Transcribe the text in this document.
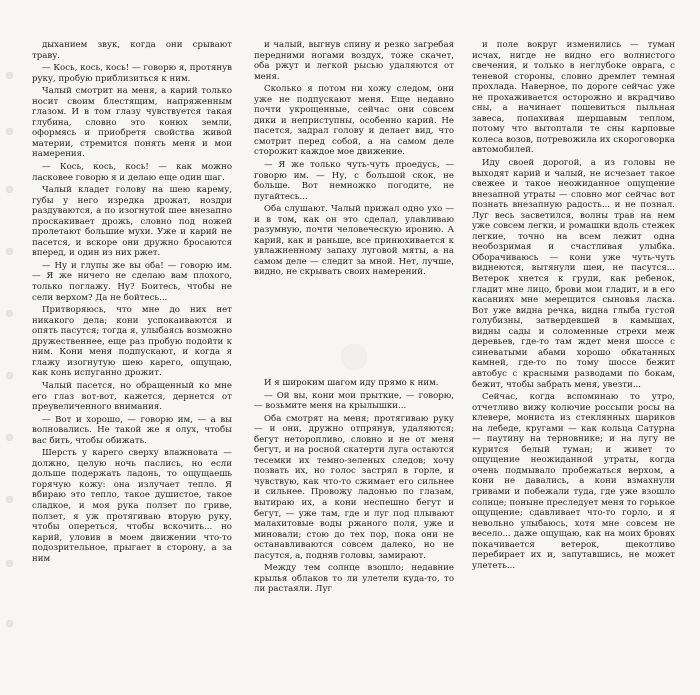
дыханием звук, когда они срывают траву.

— Кось, кось, кось! — говорю я, протянув руку, пробую приблизиться к ним.

Чалый смотрит на меня, а карий только носит своим блестящим, напряженным глазом. И в том глазу чувствуется такая глубина, словно это конюх земли, оформясь и приобретя свойства живой материи, стремится понять меня и мои намерения.

— Кось, кось, кось! — как можно ласковее говорю я и делаю еще один шаг.

Чалый кладет голову на шею карему, губы у него изредка дрожат, ноздри раздуваются, а по изогнутой шее внезапно проскакивает дрожь, словно под ножей пролетают большие мухи. Уже и карий не пасется, и вскоре они дружно бросаются вперед, и один из них ржет.

— Ну и глупы же вы оба! — говорю им. — Я же ничего не сделаю вам плохого, только поглажу. Ну? Боитесь, чтобы не сели верхом? Да не бойтесь...

Притворяюсь, что мне до них нет никакого дела; кони успокаиваются и опять пасутся; тогда я, улыбаясь возможно дружественнее, еще раз пробую подойти к ним. Кони меня подпускают, и когда я глажу изогнутую шею карего, ощущаю, как конь испуганно дрожит.

Чалый пасется, но обращенный ко мне его глаз вот-вот, кажется, дернется от преувеличенного внимания.

— Вот и хорошо, — говорю им, — а вы волновались. Не такой же я олух, чтобы вас бить, чтобы обижать.

Шерсть у карего сверху влажновата — должно, целую ночь паслись, но если дольше подержать ладонь, то ощущаешь горячую кожу: она излучает тепло. Я вбираю это тепло, такое душистое, такое сладкое, и моя рука ползет по гриве, ползет, я уж протягиваю вторую руку, чтобы опереться, чтобы вскочить... но карий, уловив в моем движении что-то подозрительное, прыгает в сторону, а за ним

и чалый, выгнув спину и резко загребая передними ногами воздух, тоже скачет, оба ржут и легкой рысью удаляются от меня.

Сколько я потом ни хожу следом, они уже не подпускают меня. Еще недавно почти укрощенные, сейчас они совсем дики и неприступны, особенно карий. Не пасется, задрал голову и делает вид, что смотрит перед собой, а на самом деле сторожит каждое мое движение.

— Я же только чуть-чуть проедусь, — говорю им. — Ну, с большой скок, не больше. Вот немножко погодите, не пугайтесь...

Оба слушают. Чалый прижал одно ухо — и в том, как он это сделал, улавливаю разумную, почти человеческую иронию. А карий, как и раньше, все принюхивается к увлажненному запаху луговой мяты, а на самом деле — следит за мной. Нет, лучше, видно, не скрывать своих намерений.

И я широким шагом иду прямо к ним.

— Ой вы, кони мои прыткие, — говорю, — возьмите меня на крылышки...

Оба смотрят на меня; протягиваю руку — и они, дружно отпрянув, удаляются; бегут неторопливо, словно и не от меня бегут, и на росной скатерти луга остаются тесемки их темно-зеленых следов; хочу позвать их, но голос застрял в горле, и чувствую, как что-то сжимает его сильнее и сильнее. Провожу ладонью по глазам, вытираю их, а кони неспешно бегут и бегут, — уже там, где и луг под плывают малахитовые воды ржаного поля, уже и миновали; стою до тех пор, пока они не останавливаются совсем далеко, но не пасутся, а, подняв головы, замирают.

Между тем солнце взошло; недавние крылья облаков то ли улетели куда-то, то ли растаяли. Луг

и поле вокруг изменились — туман исчах, нигде не видно его волнистого свечения, и только в неглубоке оврага, с теневой стороны, словно дремлет темная прохлада. Наверное, по дороге сейчас уже не прохаживается осторожно и вкрадчиво сны, а начинает пошевиться пыльная завеса, попахивая шершавым теплом, потому что вытоптали те сны карповые колеса возов, потревожила их скороговорка автомобилей.

Иду своей дорогой, а из головы не выходят карий и чалый, не исчезает такое свежее и такое неожиданное ощущение внезапной утраты — словно мог сейчас вот познать внезапную радость... и не познал. Луг весь засветился, волны трав на нем уже совсем легки, и ромашки вдоль стежек легкие, точно на всем лежит одна необозримая и счастливая улыбка. Оборачиваюсь — кони уже чуть-чуть виднеются, вытянули шеи, не пасутся... Ветерок хнется к груди, как ребенок, гладит мне лицо, брови мои гладит, и в его касаниях мне мерещится сыновья ласка. Вот уже видна речка, видна глыба густой голубизны, затвердевшей в камышах, видны сады и соломенные стрехи меж деревьев, где-то там ждет меня шоссе с синеватыми абами хорошо обкатанных камней, где-то по тому шоссе бежит автобус с красными разводами по бокам, бежит, чтобы забрать меня, увезти...

Сейчас, когда вспоминаю то утро, отчетливо вижу колючие россыпи росы на клевере, мониста из стеклянных шариков на лебеде, кругами — как кольца Сатурна — паутину на терновнике; и на лугу не курится белый туман; и живет то ощущение неожиданной утраты, когда очень подмывало пробежаться верхом, а кони не давались, а кони взмахнули гривами и побежали туда, где уже взошло солнце; поныне преследует меня то горькое ощущение; сдавливает что-то горло, и я невольно улыбаюсь, хотя мне совсем не весело... даже ощущаю, как на моих бровях покачивается ветерок, щекотливо перебирает их и, запутавшись, не может улететь...
